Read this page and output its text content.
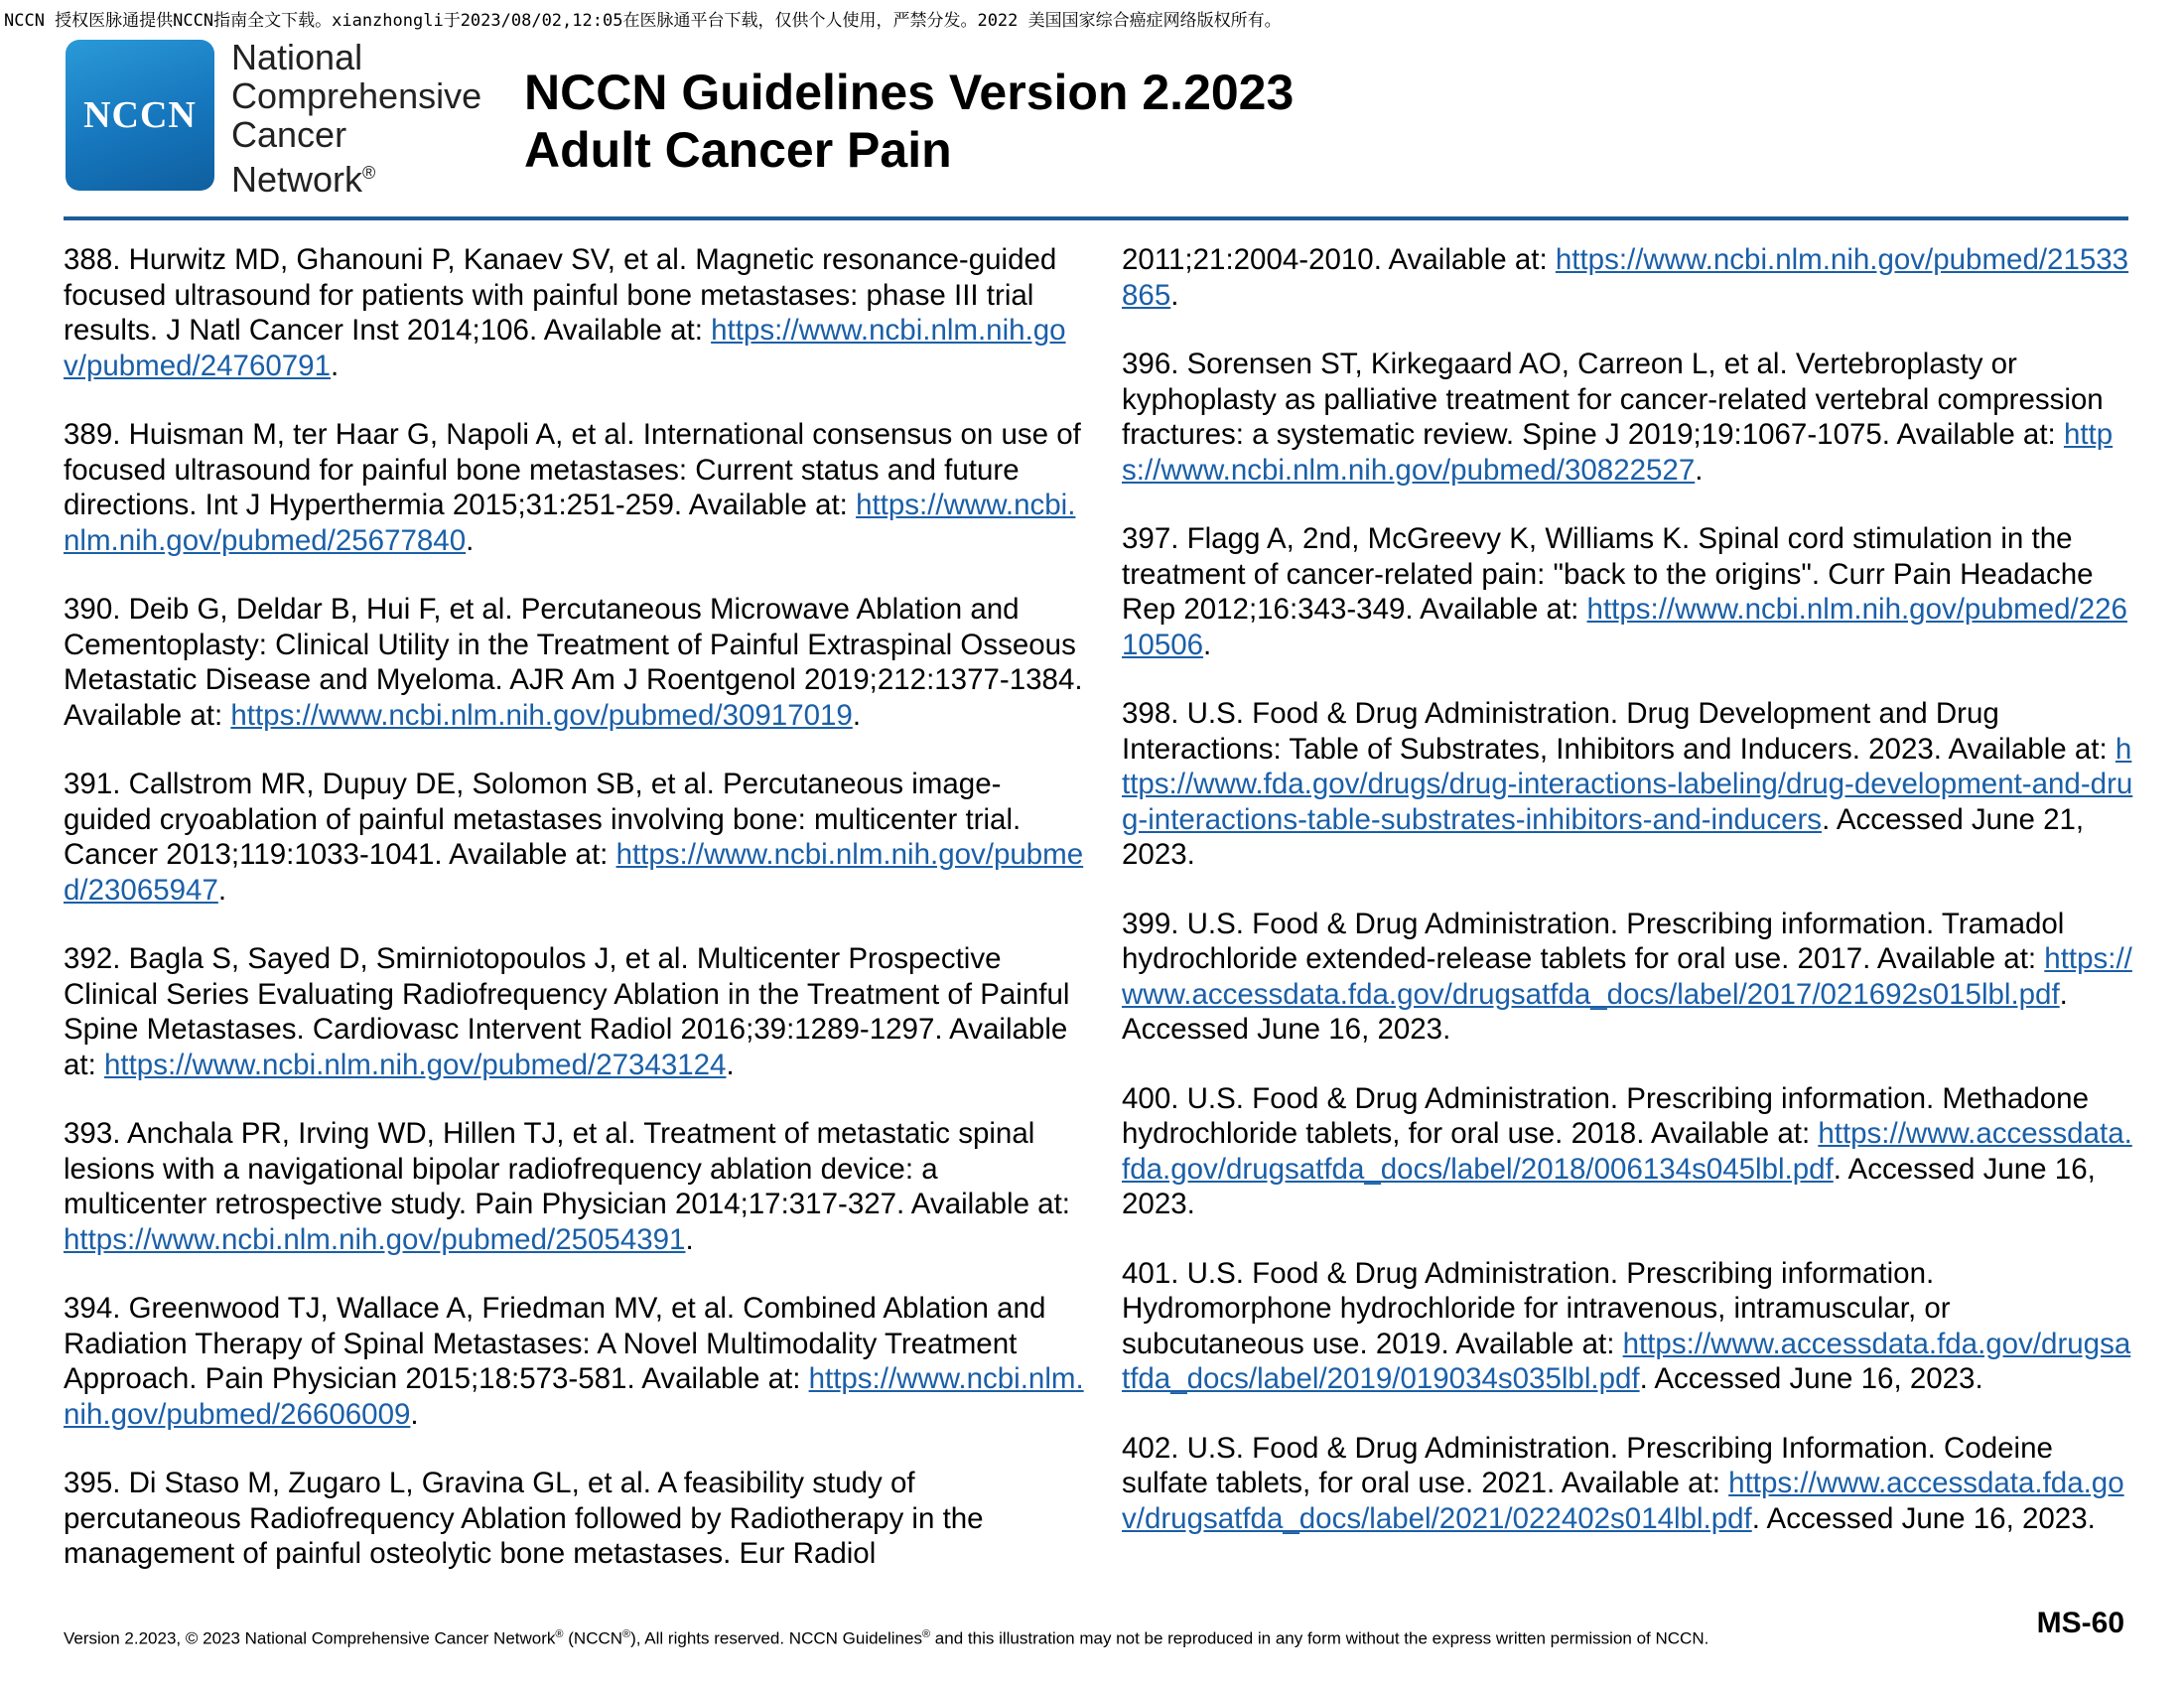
NCCN 授权医脉通提供NCCN指南全文下载。xianzhongli于2023/08/02,12:05在医脉通平台下载，仅供个人使用，严禁分发。2022 美国国家综合癌症网络版权所有。
NCCN
National
Comprehensive
Cancer
Network®
NCCN Guidelines Version 2.2023
Adult Cancer Pain

388. Hurwitz MD, Ghanouni P, Kanaev SV, et al. Magnetic resonance-guided focused ultrasound for patients with painful bone metastases: phase III trial results. J Natl Cancer Inst 2014;106. Available at: https://www.ncbi.nlm.nih.gov/pubmed/24760791.

389. Huisman M, ter Haar G, Napoli A, et al. International consensus on use of focused ultrasound for painful bone metastases: Current status and future directions. Int J Hyperthermia 2015;31:251-259. Available at: https://www.ncbi.nlm.nih.gov/pubmed/25677840.

390. Deib G, Deldar B, Hui F, et al. Percutaneous Microwave Ablation and Cementoplasty: Clinical Utility in the Treatment of Painful Extraspinal Osseous Metastatic Disease and Myeloma. AJR Am J Roentgenol 2019;212:1377-1384. Available at: https://www.ncbi.nlm.nih.gov/pubmed/30917019.

391. Callstrom MR, Dupuy DE, Solomon SB, et al. Percutaneous image-guided cryoablation of painful metastases involving bone: multicenter trial. Cancer 2013;119:1033-1041. Available at: https://www.ncbi.nlm.nih.gov/pubmed/23065947.

392. Bagla S, Sayed D, Smirniotopoulos J, et al. Multicenter Prospective Clinical Series Evaluating Radiofrequency Ablation in the Treatment of Painful Spine Metastases. Cardiovasc Intervent Radiol 2016;39:1289-1297. Available at: https://www.ncbi.nlm.nih.gov/pubmed/27343124.

393. Anchala PR, Irving WD, Hillen TJ, et al. Treatment of metastatic spinal lesions with a navigational bipolar radiofrequency ablation device: a multicenter retrospective study. Pain Physician 2014;17:317-327. Available at: https://www.ncbi.nlm.nih.gov/pubmed/25054391.

394. Greenwood TJ, Wallace A, Friedman MV, et al. Combined Ablation and Radiation Therapy of Spinal Metastases: A Novel Multimodality Treatment Approach. Pain Physician 2015;18:573-581. Available at: https://www.ncbi.nlm.nih.gov/pubmed/26606009.

395. Di Staso M, Zugaro L, Gravina GL, et al. A feasibility study of percutaneous Radiofrequency Ablation followed by Radiotherapy in the management of painful osteolytic bone metastases. Eur Radiol

2011;21:2004-2010. Available at: https://www.ncbi.nlm.nih.gov/pubmed/21533865.

396. Sorensen ST, Kirkegaard AO, Carreon L, et al. Vertebroplasty or kyphoplasty as palliative treatment for cancer-related vertebral compression fractures: a systematic review. Spine J 2019;19:1067-1075. Available at: https://www.ncbi.nlm.nih.gov/pubmed/30822527.

397. Flagg A, 2nd, McGreevy K, Williams K. Spinal cord stimulation in the treatment of cancer-related pain: "back to the origins". Curr Pain Headache Rep 2012;16:343-349. Available at: https://www.ncbi.nlm.nih.gov/pubmed/22610506.

398. U.S. Food & Drug Administration. Drug Development and Drug Interactions: Table of Substrates, Inhibitors and Inducers. 2023. Available at: https://www.fda.gov/drugs/drug-interactions-labeling/drug-development-and-drug-interactions-table-substrates-inhibitors-and-inducers. Accessed June 21, 2023.

399. U.S. Food & Drug Administration. Prescribing information. Tramadol hydrochloride extended-release tablets for oral use. 2017. Available at: https://www.accessdata.fda.gov/drugsatfda_docs/label/2017/021692s015lbl.pdf. Accessed June 16, 2023.

400. U.S. Food & Drug Administration. Prescribing information. Methadone hydrochloride tablets, for oral use. 2018. Available at: https://www.accessdata.fda.gov/drugsatfda_docs/label/2018/006134s045lbl.pdf. Accessed June 16, 2023.

401. U.S. Food & Drug Administration. Prescribing information. Hydromorphone hydrochloride for intravenous, intramuscular, or subcutaneous use. 2019. Available at: https://www.accessdata.fda.gov/drugsatfda_docs/label/2019/019034s035lbl.pdf. Accessed June 16, 2023.

402. U.S. Food & Drug Administration. Prescribing Information. Codeine sulfate tablets, for oral use. 2021. Available at: https://www.accessdata.fda.gov/drugsatfda_docs/label/2021/022402s014lbl.pdf. Accessed June 16, 2023.

Version 2.2023, © 2023 National Comprehensive Cancer Network® (NCCN®), All rights reserved. NCCN Guidelines® and this illustration may not be reproduced in any form without the express written permission of NCCN.	MS-60
